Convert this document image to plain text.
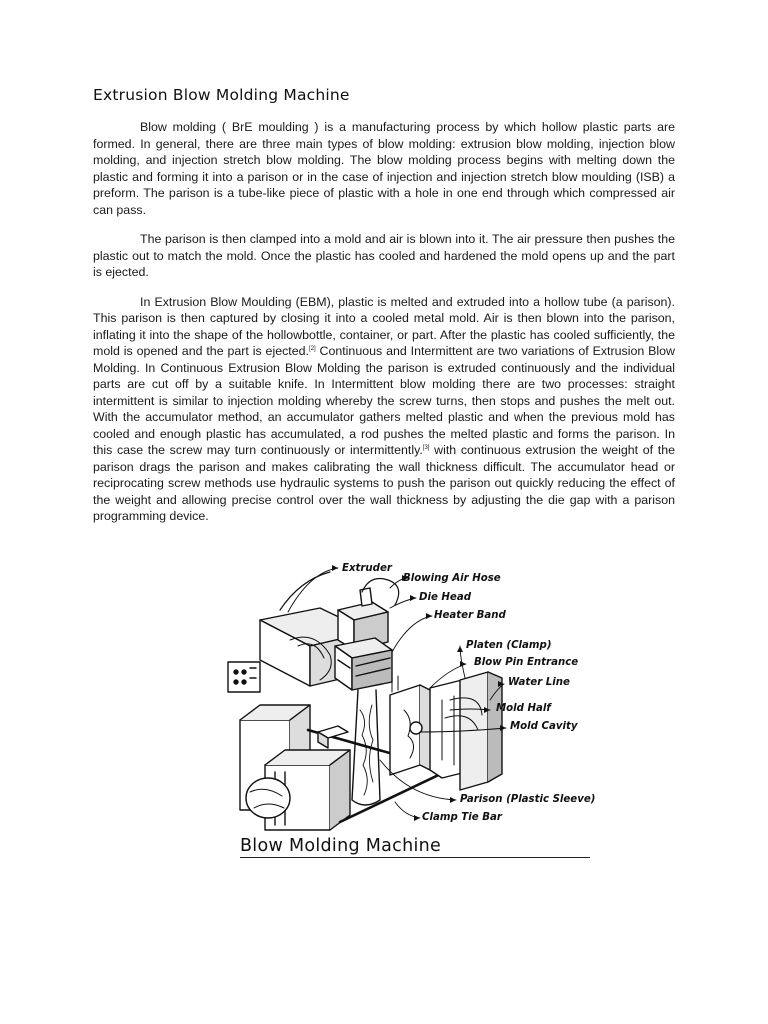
Extrusion Blow Molding Machine

Blow molding ( BrE moulding ) is a manufacturing process by which hollow plastic parts are formed. In general, there are three main types of blow molding: extrusion blow molding, injection blow molding, and injection stretch blow molding. The blow molding process begins with melting down the plastic and forming it into a parison or in the case of injection and injection stretch blow moulding (ISB) a preform. The parison is a tube-like piece of plastic with a hole in one end through which compressed air can pass.

The parison is then clamped into a mold and air is blown into it. The air pressure then pushes the plastic out to match the mold. Once the plastic has cooled and hardened the mold opens up and the part is ejected.

In Extrusion Blow Moulding (EBM), plastic is melted and extruded into a hollow tube (a parison). This parison is then captured by closing it into a cooled metal mold. Air is then blown into the parison, inflating it into the shape of the hollowbottle, container, or part. After the plastic has cooled sufficiently, the mold is opened and the part is ejected.[2] Continuous and Intermittent are two variations of Extrusion Blow Molding. In Continuous Extrusion Blow Molding the parison is extruded continuously and the individual parts are cut off by a suitable knife. In Intermittent blow molding there are two processes: straight intermittent is similar to injection molding whereby the screw turns, then stops and pushes the melt out. With the accumulator method, an accumulator gathers melted plastic and when the previous mold has cooled and enough plastic has accumulated, a rod pushes the melted plastic and forms the parison. In this case the screw may turn continuously or intermittently.[3] with continuous extrusion the weight of the parison drags the parison and makes calibrating the wall thickness difficult. The accumulator head or reciprocating screw methods use hydraulic systems to push the parison out quickly reducing the effect of the weight and allowing precise control over the wall thickness by adjusting the die gap with a parison programming device.

Extruder
Blowing Air Hose
Die Head
Heater Band
Platen (Clamp)
Blow Pin Entrance
Water Line
Mold Half
Mold Cavity
Parison (Plastic Sleeve)
Clamp Tie Bar
Blow Molding Machine
